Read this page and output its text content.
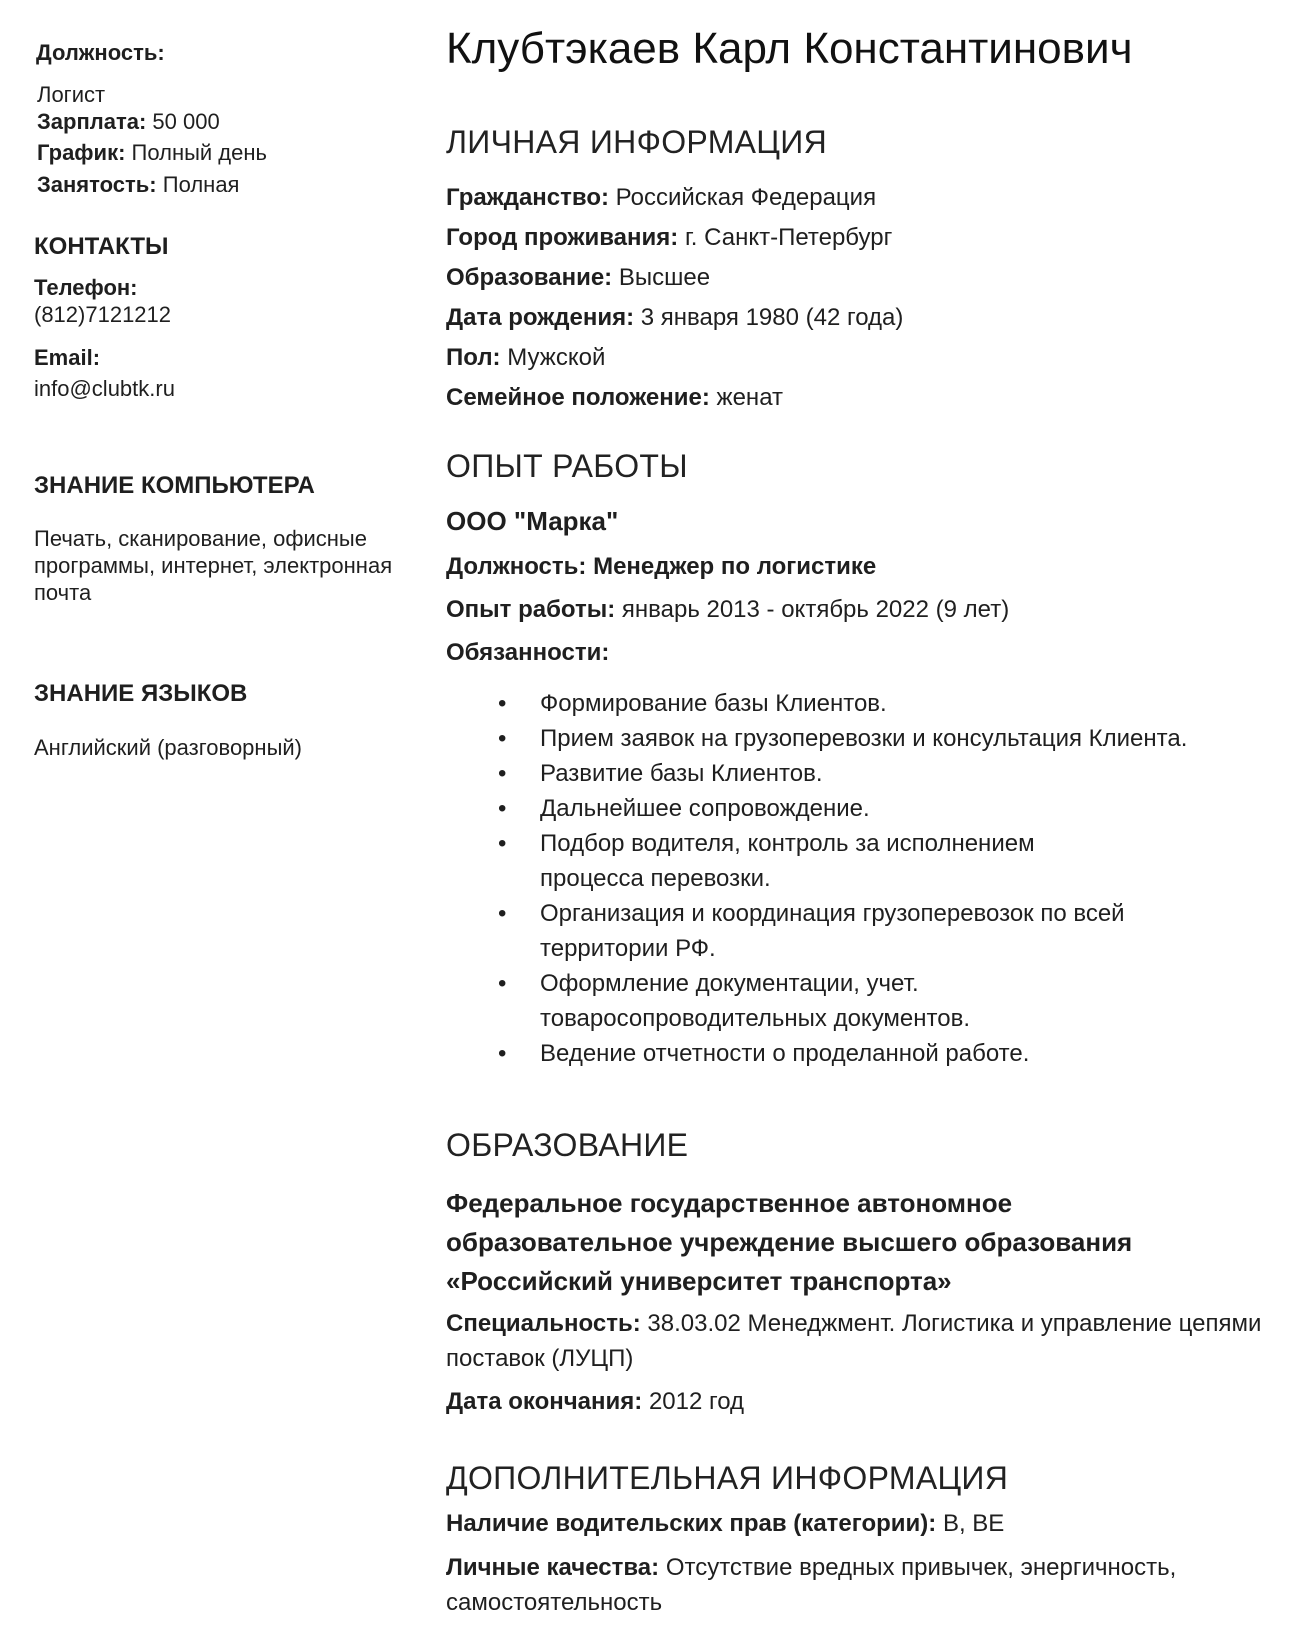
Должность:
Логист
Зарплата: 50 000
График: Полный день
Занятость: Полная
КОНТАКТЫ
Телефон:
(812)7121212
Email:
info@clubtk.ru
ЗНАНИЕ КОМПЬЮТЕРА
Печать, сканирование, офисные программы, интернет, электронная почта
ЗНАНИЕ ЯЗЫКОВ
Английский (разговорный)
Клубтэкаев Карл Константинович
ЛИЧНАЯ ИНФОРМАЦИЯ
Гражданство: Российская Федерация
Город проживания: г. Санкт-Петербург
Образование: Высшее
Дата рождения: 3 января 1980 (42 года)
Пол: Мужской
Семейное положение: женат
ОПЫТ РАБОТЫ
ООО "Марка"
Должность: Менеджер по логистике
Опыт работы: январь 2013 - октябрь 2022 (9 лет)
Обязанности:
• Формирование базы Клиентов.
• Прием заявок на грузоперевозки и консультация Клиента.
• Развитие базы Клиентов.
• Дальнейшее сопровождение.
• Подбор водителя, контроль за исполнением процесса перевозки.
• Организация и координация грузоперевозок по всей территории РФ.
• Оформление документации, учет. товаросопроводительных документов.
• Ведение отчетности о проделанной работе.
ОБРАЗОВАНИЕ
Федеральное государственное автономное образовательное учреждение высшего образования «Российский университет транспорта»
Специальность: 38.03.02 Менеджмент. Логистика и управление цепями поставок (ЛУЦП)
Дата окончания: 2012 год
ДОПОЛНИТЕЛЬНАЯ ИНФОРМАЦИЯ
Наличие водительских прав (категории): B, BE
Личные качества: Отсутствие вредных привычек, энергичность, самостоятельность
